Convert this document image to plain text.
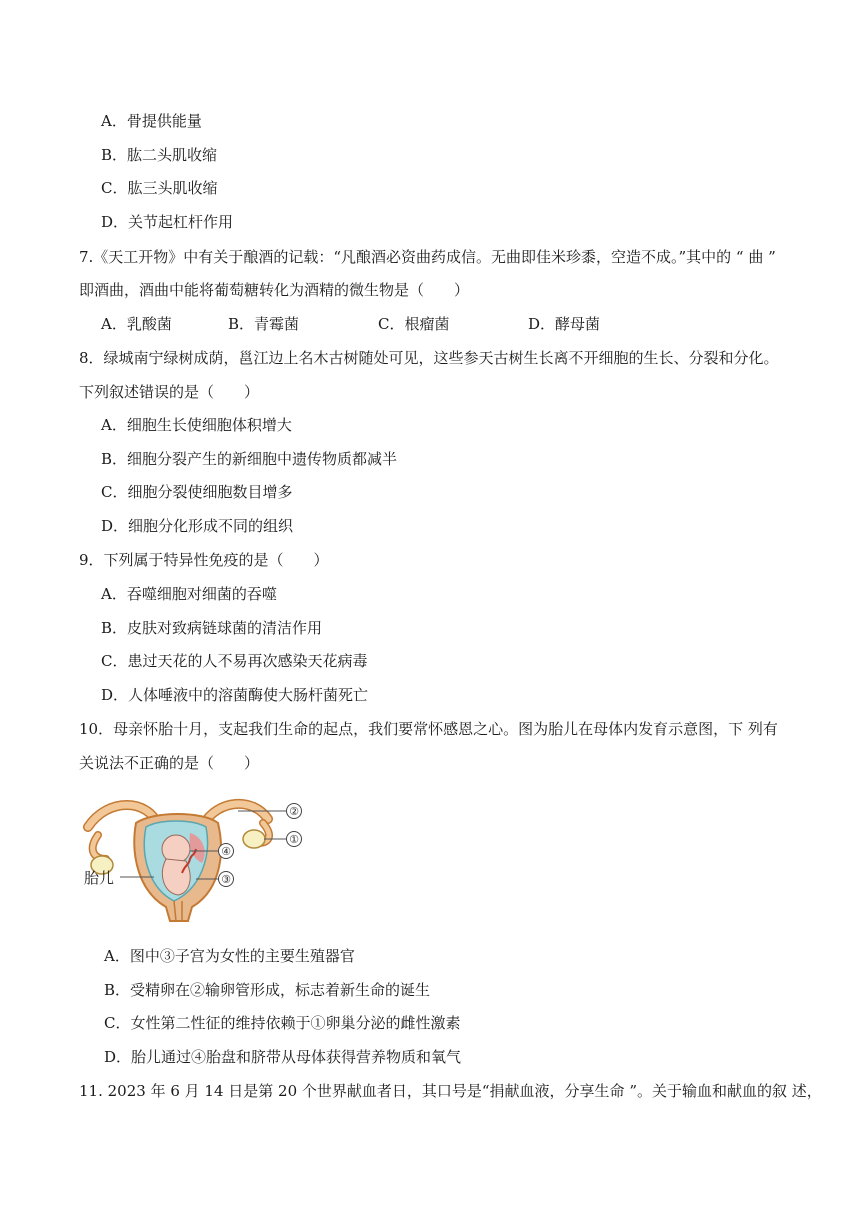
A．骨提供能量
B．肱二头肌收缩
C．肱三头肌收缩
D．关节起杠杆作用
7.《天工开物》中有关于酿酒的记载：“凡酿酒必资曲药成信。无曲即佳米珍黍，空造不成。”其中的 “ 曲 ”
即酒曲，酒曲中能将葡萄糖转化为酒精的微生物是（　　）
A．乳酸菌	B．青霉菌	C．根瘤菌	D．酵母菌
8．绿城南宁绿树成荫，邕江边上名木古树随处可见，这些参天古树生长离不开细胞的生长、分裂和分化。
下列叙述错误的是（　　）
A．细胞生长使细胞体积增大
B．细胞分裂产生的新细胞中遗传物质都减半
C．细胞分裂使细胞数目增多
D．细胞分化形成不同的组织
9．下列属于特异性免疫的是（　　）
A．吞噬细胞对细菌的吞噬
B．皮肤对致病链球菌的清洁作用
C．患过天花的人不易再次感染天花病毒
D．人体唾液中的溶菌酶使大肠杆菌死亡
10．母亲怀胎十月，支起我们生命的起点，我们要常怀感恩之心。图为胎儿在母体内发育示意图，下 列有
关说法不正确的是（　　）
②
①
④
③
胎儿
A．图中③子宫为女性的主要生殖器官
B．受精卵在②输卵管形成，标志着新生命的诞生
C．女性第二性征的维持依赖于①卵巢分泌的雌性激素
D．胎儿通过④胎盘和脐带从母体获得营养物质和氧气
11. 2023 年 6 月 14 日是第 20 个世界献血者日，其口号是“捐献血液，分享生命 ”。关于输血和献血的叙 述，
